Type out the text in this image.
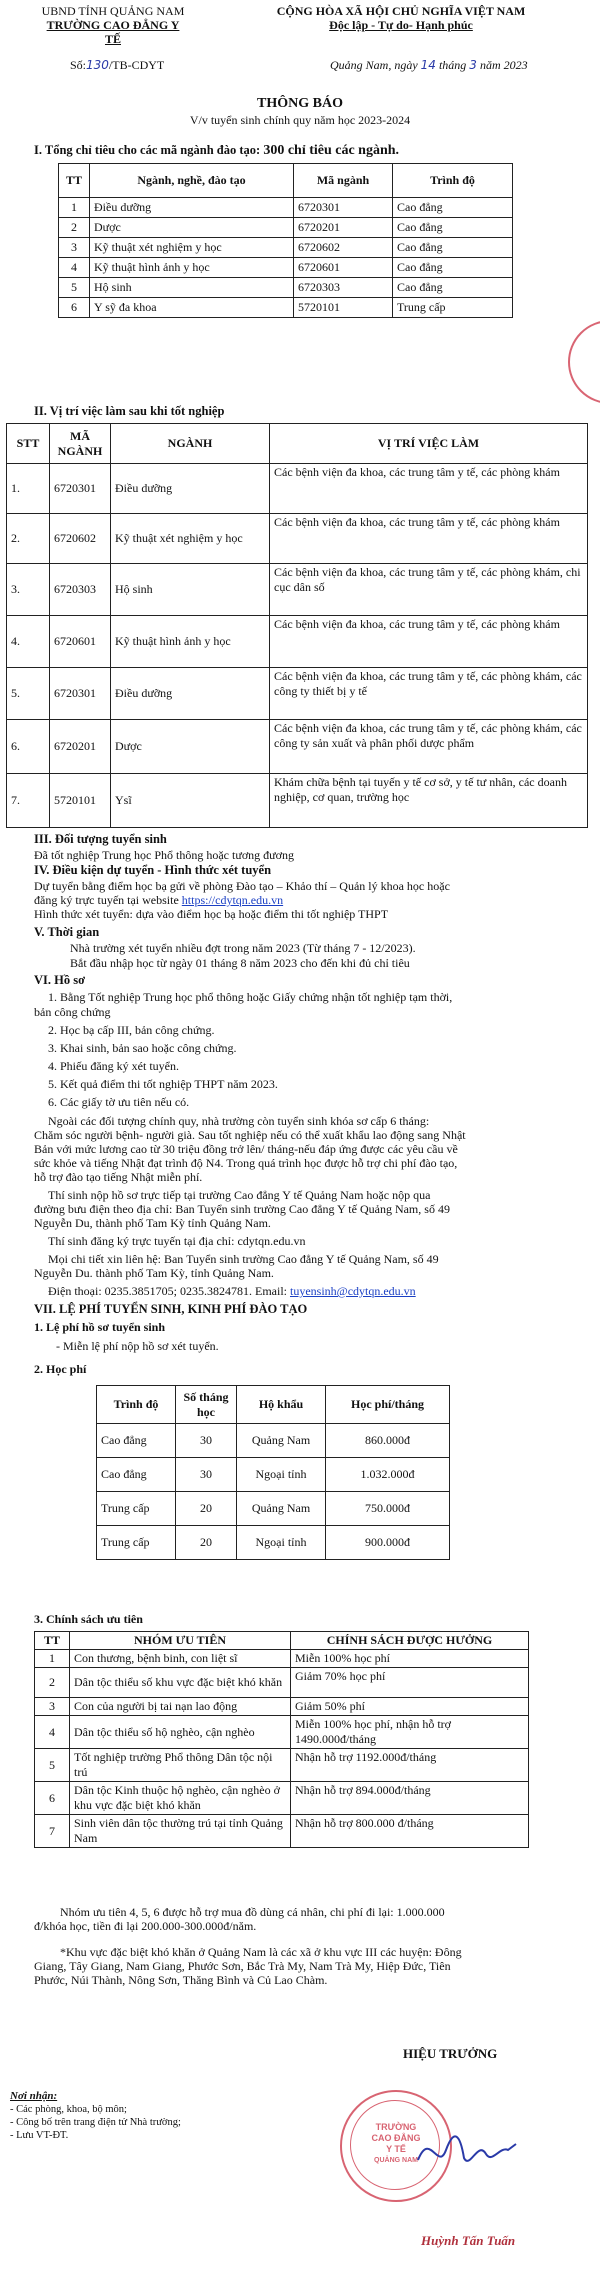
UBND TỈNH QUẢNG NAM
TRƯỜNG CAO ĐẲNG Y TẾ
CỘNG HÒA XÃ HỘI CHỦ NGHĨA VIỆT NAM
Độc lập - Tự do- Hạnh phúc
Số:130/TB-CDYT	Quảng Nam, ngày 14 tháng 3 năm 2023
THÔNG BÁO
V/v tuyển sinh chính quy năm học 2023-2024
I. Tổng chỉ tiêu cho các mã ngành đào tạo: 300 chỉ tiêu các ngành.
TT	Ngành, nghề, đào tạo	Mã ngành	Trình độ
1	Điều dưỡng	6720301	Cao đẳng
2	Dược	6720201	Cao đẳng
3	Kỹ thuật xét nghiệm y học	6720602	Cao đẳng
4	Kỹ thuật hình ảnh y học	6720601	Cao đẳng
5	Hộ sinh	6720303	Cao đẳng
6	Y sỹ đa khoa	5720101	Trung cấp
II. Vị trí việc làm sau khi tốt nghiệp
STT	MÃ NGÀNH	NGÀNH	VỊ TRÍ VIỆC LÀM
1.	6720301	Điều dưỡng	Các bệnh viện đa khoa, các trung tâm y tế, các phòng khám
2.	6720602	Kỹ thuật xét nghiệm y học	Các bệnh viện đa khoa, các trung tâm y tế, các phòng khám
3.	6720303	Hộ sinh	Các bệnh viện đa khoa, các trung tâm y tế, các phòng khám, chi cục dân số
4.	6720601	Kỹ thuật hình ảnh y học	Các bệnh viện đa khoa, các trung tâm y tế, các phòng khám
5.	6720301	Điều dưỡng	Các bệnh viện đa khoa, các trung tâm y tế, các phòng khám, các công ty thiết bị y tế
6.	6720201	Dược	Các bệnh viện đa khoa, các trung tâm y tế, các phòng khám, các công ty sản xuất và phân phối dược phẩm
7.	5720101	Ysĩ	Khám chữa bệnh tại tuyến y tế cơ sở, y tế tư nhân, các doanh nghiệp, cơ quan, trường học
III. Đối tượng tuyển sinh
Đã tốt nghiệp Trung học Phổ thông hoặc tương đương
IV. Điều kiện dự tuyển - Hình thức xét tuyển
Dự tuyển bằng điểm học bạ gửi về phòng Đào tạo – Khảo thí – Quản lý khoa học hoặc
đăng ký trực tuyến tại website https://cdytqn.edu.vn
Hình thức xét tuyển: dựa vào điểm học bạ hoặc điểm thi tốt nghiệp THPT
V. Thời gian
Nhà trường xét tuyển nhiều đợt trong năm 2023 (Từ tháng 7 - 12/2023).
Bắt đầu nhập học từ ngày 01 tháng 8 năm 2023 cho đến khi đủ chỉ tiêu
VI. Hồ sơ
1. Bằng Tốt nghiệp Trung học phổ thông hoặc Giấy chứng nhận tốt nghiệp tạm thời,
bản công chứng
2. Học bạ cấp III, bản công chứng.
3. Khai sinh, bản sao hoặc công chứng.
4. Phiếu đăng ký xét tuyển.
5. Kết quả điểm thi tốt nghiệp THPT năm 2023.
6. Các giấy tờ ưu tiên nếu có.
Ngoài các đối tượng chính quy, nhà trường còn tuyển sinh khóa sơ cấp 6 tháng:
Chăm sóc người bệnh- người già. Sau tốt nghiệp nếu có thể xuất khẩu lao động sang Nhật
Bản với mức lương cao từ 30 triệu đồng trở lên/ tháng-nếu đáp ứng được các yêu cầu về
sức khỏe và tiếng Nhật đạt trình độ N4. Trong quá trình học được hỗ trợ chi phí đào tạo,
hỗ trợ đào tạo tiếng Nhật miễn phí.
Thí sinh nộp hồ sơ trực tiếp tại trường Cao đẳng Y tế Quảng Nam hoặc nộp qua
đường bưu điện theo địa chỉ: Ban Tuyển sinh trường Cao đẳng Y tế Quảng Nam, số 49
Nguyễn Du, thành phố Tam Kỳ tỉnh Quảng Nam.
Thí sinh đăng ký trực tuyến tại địa chỉ: cdytqn.edu.vn
Mọi chi tiết xin liên hệ: Ban Tuyển sinh trường Cao đẳng Y tế Quảng Nam, số 49
Nguyễn Du. thành phố Tam Kỳ, tỉnh Quảng Nam.
Điện thoại: 0235.3851705; 0235.3824781. Email: tuyensinh@cdytqn.edu.vn
VII. LỆ PHÍ TUYỂN SINH, KINH PHÍ ĐÀO TẠO
1. Lệ phí hồ sơ tuyển sinh
- Miễn lệ phí nộp hồ sơ xét tuyển.
2. Học phí
Trình độ	Số tháng học	Hộ khẩu	Học phí/tháng
Cao đẳng	30	Quảng Nam	860.000đ
Cao đẳng	30	Ngoại tỉnh	1.032.000đ
Trung cấp	20	Quảng Nam	750.000đ
Trung cấp	20	Ngoại tỉnh	900.000đ
3. Chính sách ưu tiên
TT	NHÓM ƯU TIÊN	CHÍNH SÁCH ĐƯỢC HƯỞNG
1	Con thương, bệnh binh, con liệt sĩ	Miễn 100% học phí
2	Dân tộc thiểu số khu vực đặc biệt khó khăn	Giảm 70% học phí
3	Con của người bị tai nạn lao động	Giảm 50% phí
4	Dân tộc thiểu số hộ nghèo, cận nghèo	Miễn 100% học phí, nhận hỗ trợ 1490.000đ/tháng
5	Tốt nghiệp trường Phổ thông Dân tộc nội trú	Nhận hỗ trợ 1192.000đ/tháng
6	Dân tộc Kinh thuộc hộ nghèo, cận nghèo ở khu vực đặc biệt khó khăn	Nhận hỗ trợ 894.000đ/tháng
7	Sinh viên dân tộc thường trú tại tỉnh Quảng Nam	Nhận hỗ trợ 800.000 đ/tháng
Nhóm ưu tiên 4, 5, 6 được hỗ trợ mua đồ dùng cá nhân, chi phí đi lại: 1.000.000
đ/khóa học, tiền đi lại 200.000-300.000đ/năm.
*Khu vực đặc biệt khó khăn ở Quảng Nam là các xã ở khu vực III các huyện: Đông
Giang, Tây Giang, Nam Giang, Phước Sơn, Bắc Trà My, Nam Trà My, Hiệp Đức, Tiên
Phước, Núi Thành, Nông Sơn, Thăng Bình và Củ Lao Chàm.
Nơi nhận:
- Các phòng, khoa, bộ môn;
- Công bố trên trang điện tử Nhà trường;
- Lưu VT-ĐT.
HIỆU TRƯỞNG
TRƯỜNG
CAO ĐẲNG
Y TẾ
QUẢNG NAM
Huỳnh Tấn Tuấn
